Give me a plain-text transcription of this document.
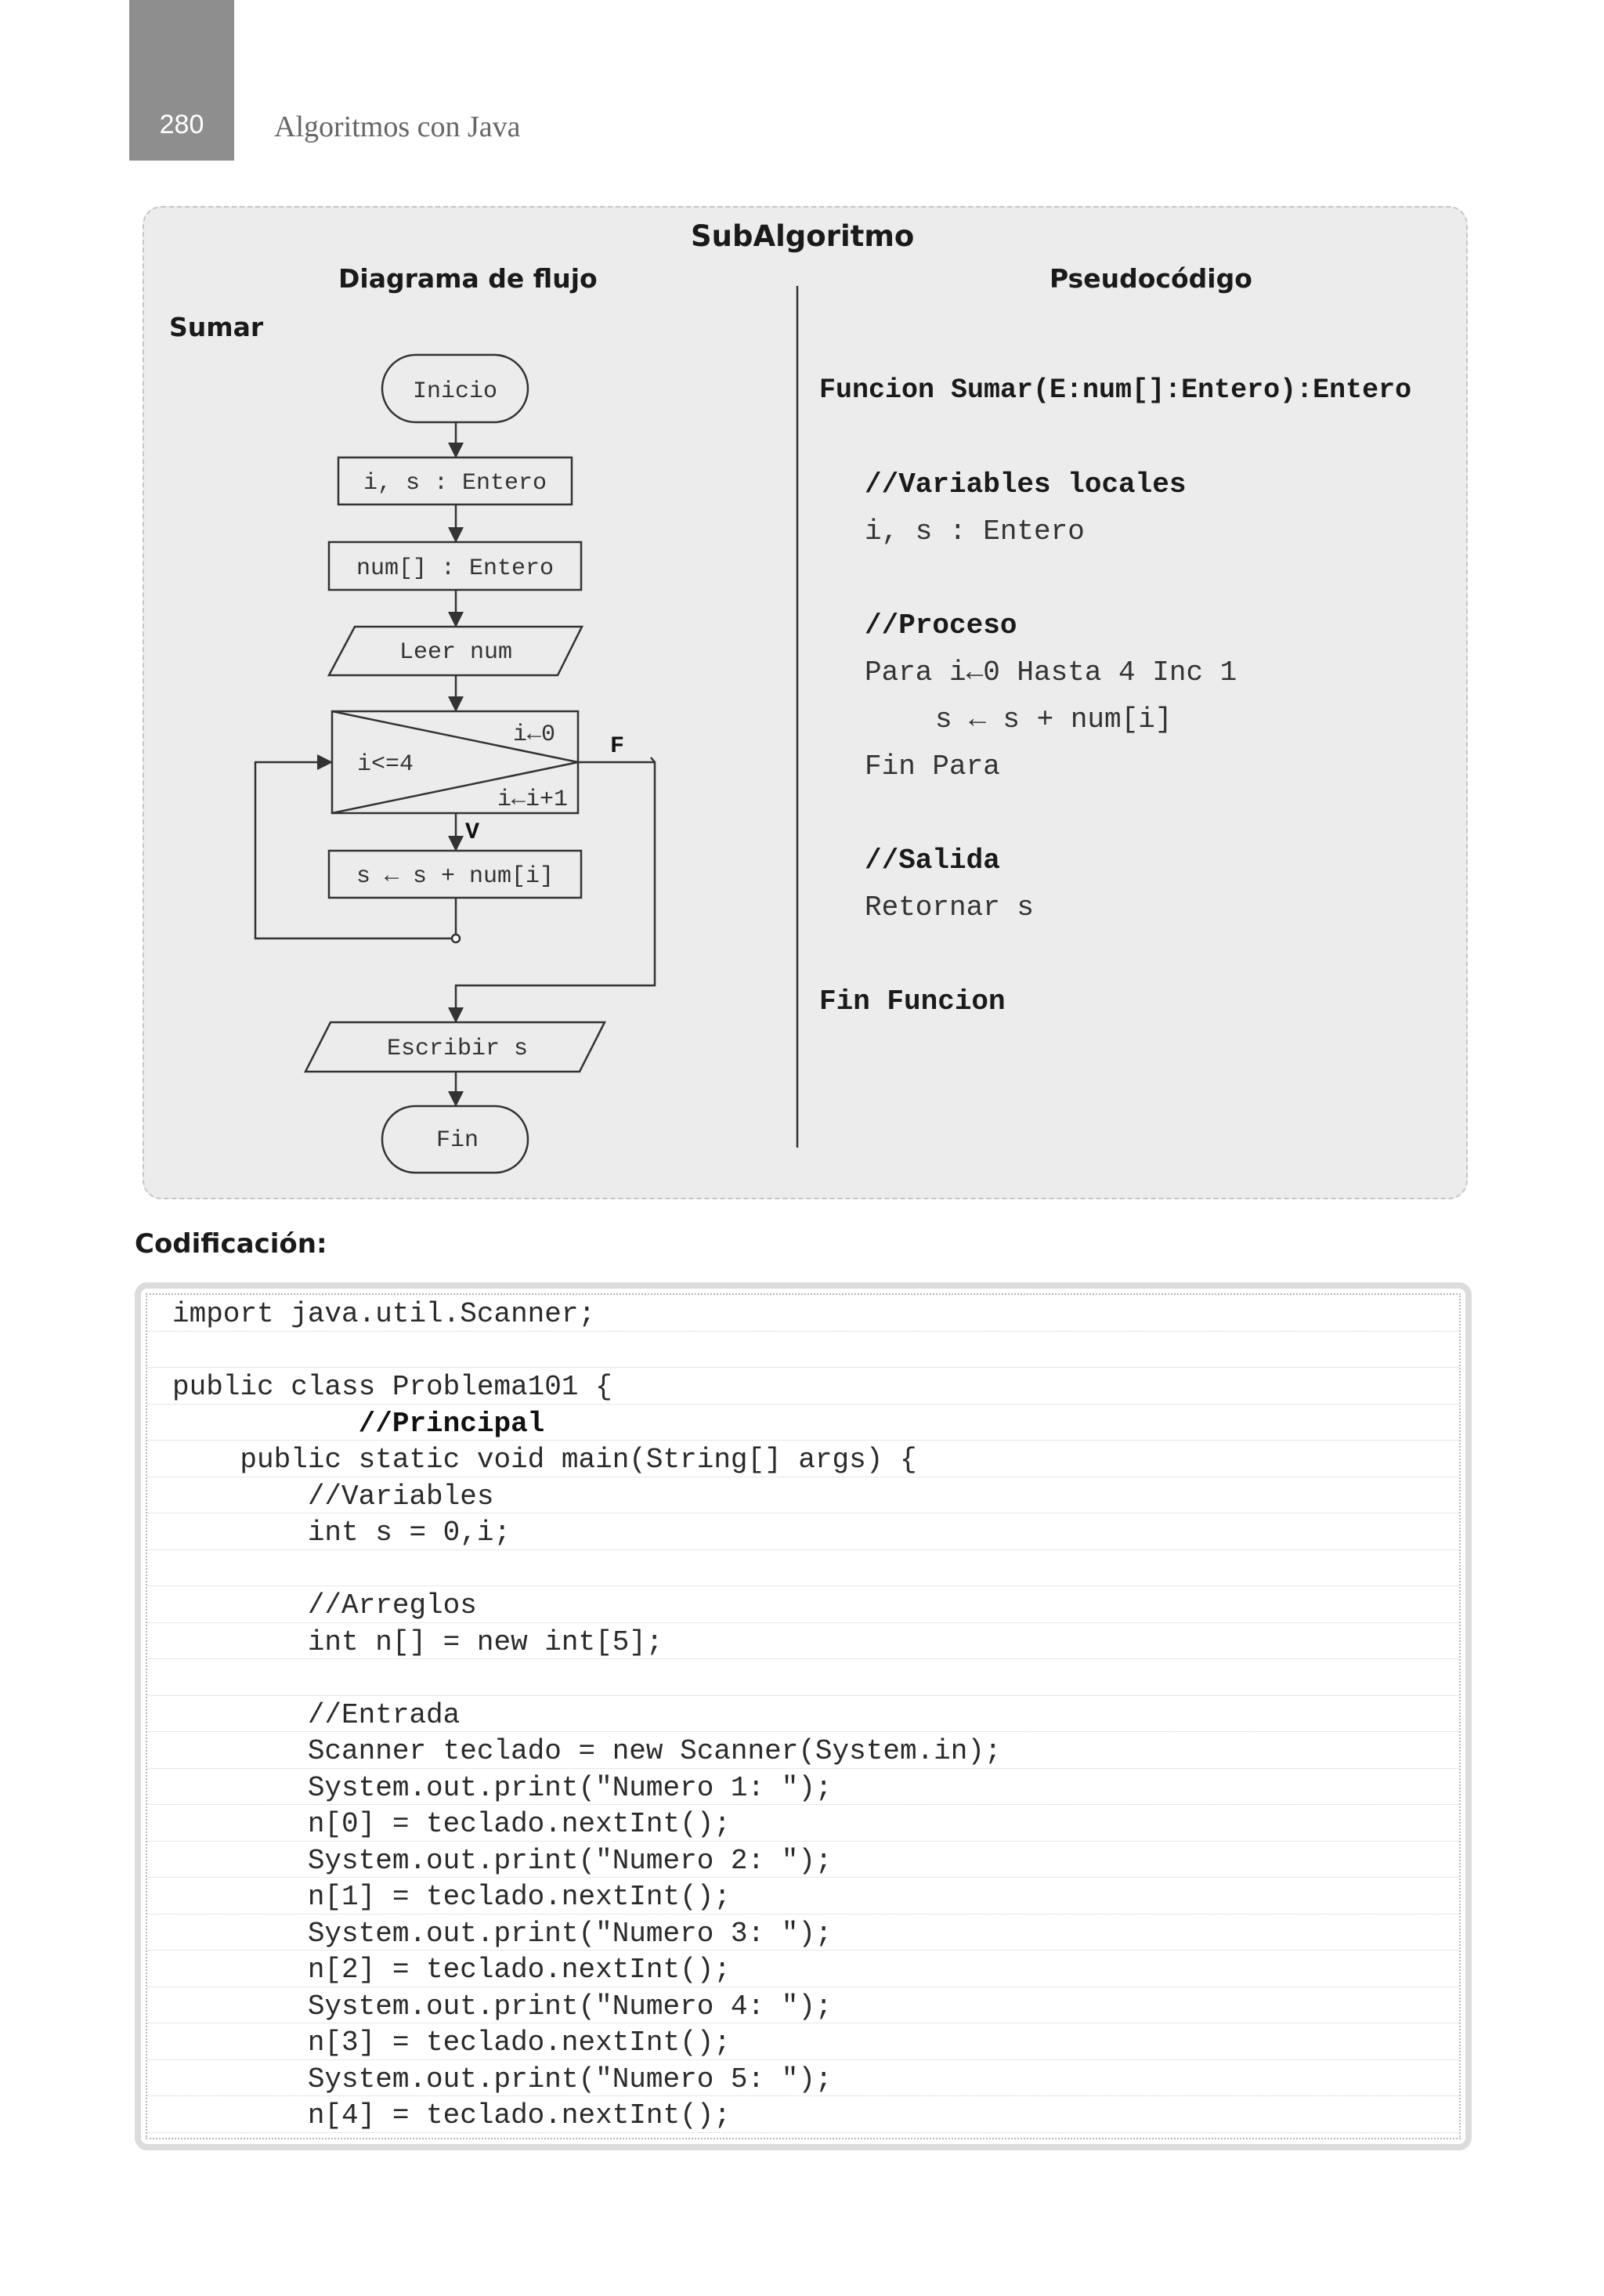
280	Algoritmos con Java
SubAlgoritmo
Diagrama de flujo	Pseudocódigo
Sumar
Inicio
i, s : Entero
num[] : Entero
Leer num
i←0
i<=4
i←i+1
s ← s + num[i]
Escribir s
Fin
F
V
Funcion Sumar(E:num[]:Entero):Entero
//Variables locales
i, s : Entero
//Proceso
Para i←0 Hasta 4 Inc 1
s ← s + num[i]
Fin Para
//Salida
Retornar s
Fin Funcion
Codificación:
import java.util.Scanner;
public class Problema101 {
//Principal
public static void main(String[] args) {
//Variables
int s = 0,i;
//Arreglos
int n[] = new int[5];
//Entrada
Scanner teclado = new Scanner(System.in);
System.out.print("Numero 1: ");
n[0] = teclado.nextInt();
System.out.print("Numero 2: ");
n[1] = teclado.nextInt();
System.out.print("Numero 3: ");
n[2] = teclado.nextInt();
System.out.print("Numero 4: ");
n[3] = teclado.nextInt();
System.out.print("Numero 5: ");
n[4] = teclado.nextInt();
